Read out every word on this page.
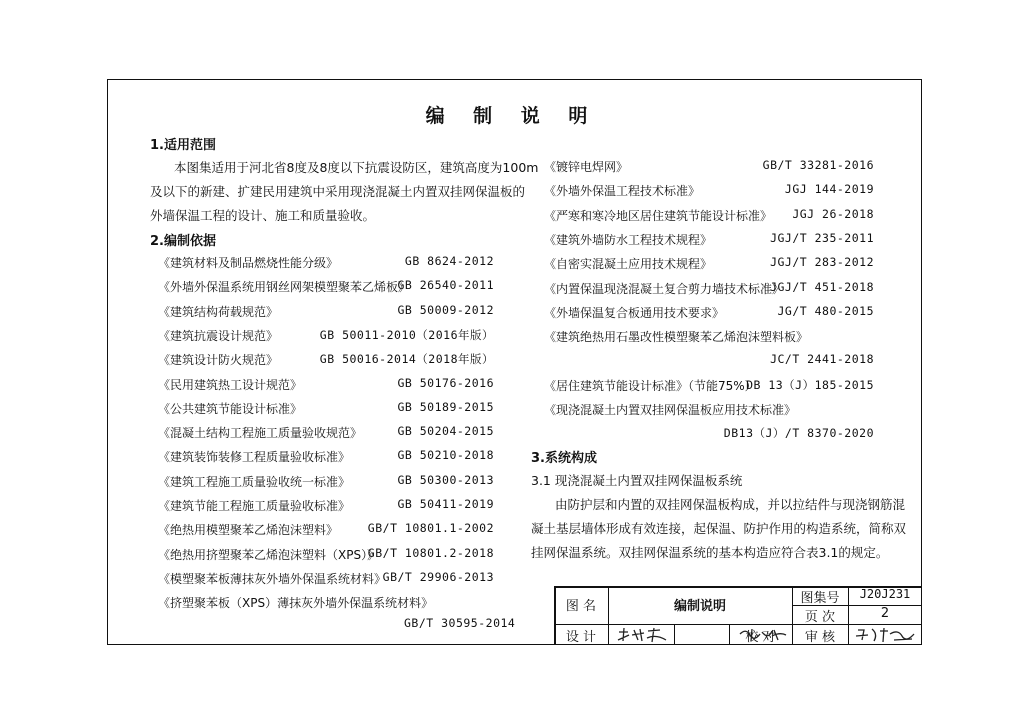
编 制 说 明
1.适用范围
本图集适用于河北省8度及8度以下抗震设防区，建筑高度为100m
及以下的新建、扩建民用建筑中采用现浇混凝土内置双挂网保温板的
外墙保温工程的设计、施工和质量验收。
2.编制依据
《建筑材料及制品燃烧性能分级》	GB 8624-2012
《外墙外保温系统用钢丝网架模塑聚苯乙烯板》
GB 26540-2011
《建筑结构荷载规范》	GB 50009-2012
《建筑抗震设计规范》	GB 50011-2010（2016年版）
《建筑设计防火规范》	GB 50016-2014（2018年版）
《民用建筑热工设计规范》	GB 50176-2016
《公共建筑节能设计标准》	GB 50189-2015
《混凝土结构工程施工质量验收规范》	GB 50204-2015
《建筑装饰装修工程质量验收标准》	GB 50210-2018
《建筑工程施工质量验收统一标准》	GB 50300-2013
《建筑节能工程施工质量验收标准》	GB 50411-2019
《绝热用模塑聚苯乙烯泡沫塑料》	GB/T 10801.1-2002
《绝热用挤塑聚苯乙烯泡沫塑料（XPS）》
GB/T 10801.2-2018
《模塑聚苯板薄抹灰外墙外保温系统材料》
GB/T 29906-2013
《挤塑聚苯板（XPS）薄抹灰外墙外保温系统材料》
GB/T 30595-2014
《镀锌电焊网》	GB/T 33281-2016
《外墙外保温工程技术标准》	JGJ 144-2019
《严寒和寒冷地区居住建筑节能设计标准》 JGJ 26-2018
《建筑外墙防水工程技术规程》	JGJ/T 235-2011
《自密实混凝土应用技术规程》	JGJ/T 283-2012
《内置保温现浇混凝土复合剪力墙技术标准》
JGJ/T 451-2018
《外墙保温复合板通用技术要求》	JG/T 480-2015
《建筑绝热用石墨改性模塑聚苯乙烯泡沫塑料板》
JC/T 2441-2018
《居住建筑节能设计标准》（节能75%）
DB 13（J）185-2015
《现浇混凝土内置双挂网保温板应用技术标准》
DB13（J）/T 8370-2020
3.系统构成
3.1 现浇混凝土内置双挂网保温板系统
由防护层和内置的双挂网保温板构成，并以拉结件与现浇钢筋混
凝土基层墙体形成有效连接，起保温、防护作用的构造系统，简称双
挂网保温系统。双挂网保温系统的基本构造应符合表3.1的规定。
图 名	编制说明
图集号	J20J231
页 次	2
设 计	校 对	审 核
